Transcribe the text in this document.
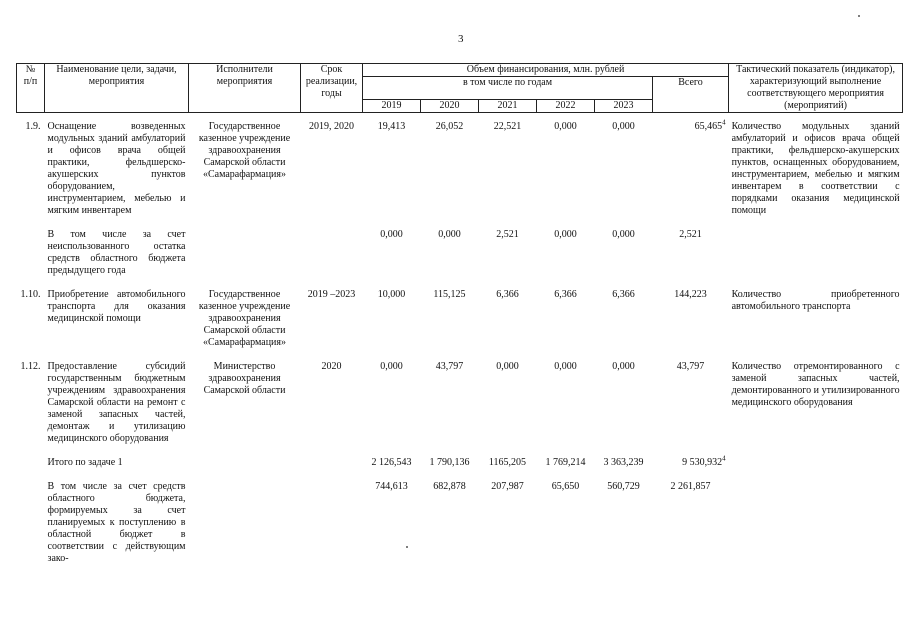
3
№
п/п	Наименование цели, задачи, мероприятия	Исполнители мероприятия	Срок реализации, годы	Объем финансирования, млн. рублей						Тактический показатель (индикатор), характеризующий выполнение соответствующего мероприятия (мероприятий)
				в том числе по годам					Всего	
				2019	2020	2021	2022	2023		

1.9.	Оснащение возведенных модульных зданий амбулаторий и офисов врача общей практики, фельдшерско-акушерских пунктов оборудованием, инструментарием, мебелью и мягким инвентарем	Государственное казенное учреждение здравоохранения Самарской области «Самарафармация»	2019, 2020	19,413	26,052	22,521	0,000	0,000	65,465$^4$	Количество модульных зданий амбулаторий и офисов врача общей практики, фельдшерско-акушерских пунктов, оснащенных оборудованием, инструментарием, мебелью и мягким инвентарем в соответствии с порядками оказания медицинской помощи

	В том числе за счет неиспользованного остатка средств областного бюджета предыдущего года			0,000	0,000	2,521	0,000	0,000	2,521	

1.10.	Приобретение автомобильного транспорта для оказания медицинской помощи	Государственное казенное учреждение здравоохранения Самарской области «Самарафармация»	2019 –2023	10,000	115,125	6,366	6,366	6,366	144,223	Количество приобретенного автомобильного транспорта

1.12.	Предоставление субсидий государственным бюджетным учреждениям здравоохранения Самарской области на ремонт с заменой запасных частей, демонтаж и утилизацию медицинского оборудования	Министерство здравоохранения Самарской области	2020	0,000	43,797	0,000	0,000	0,000	43,797	Количество отремонтированного с заменой запасных частей, демонтированного и утилизированного медицинского оборудования

	Итого по задаче 1			2 126,543	1 790,136	1165,205	1 769,214	3 363,239	9 530,932$^4$	

	В том числе за счет средств областного бюджета, формируемых за счет планируемых к поступлению в областной бюджет в соответствии с действующим зако-			744,613	682,878	207,987	65,650	560,729	2 261,857	
